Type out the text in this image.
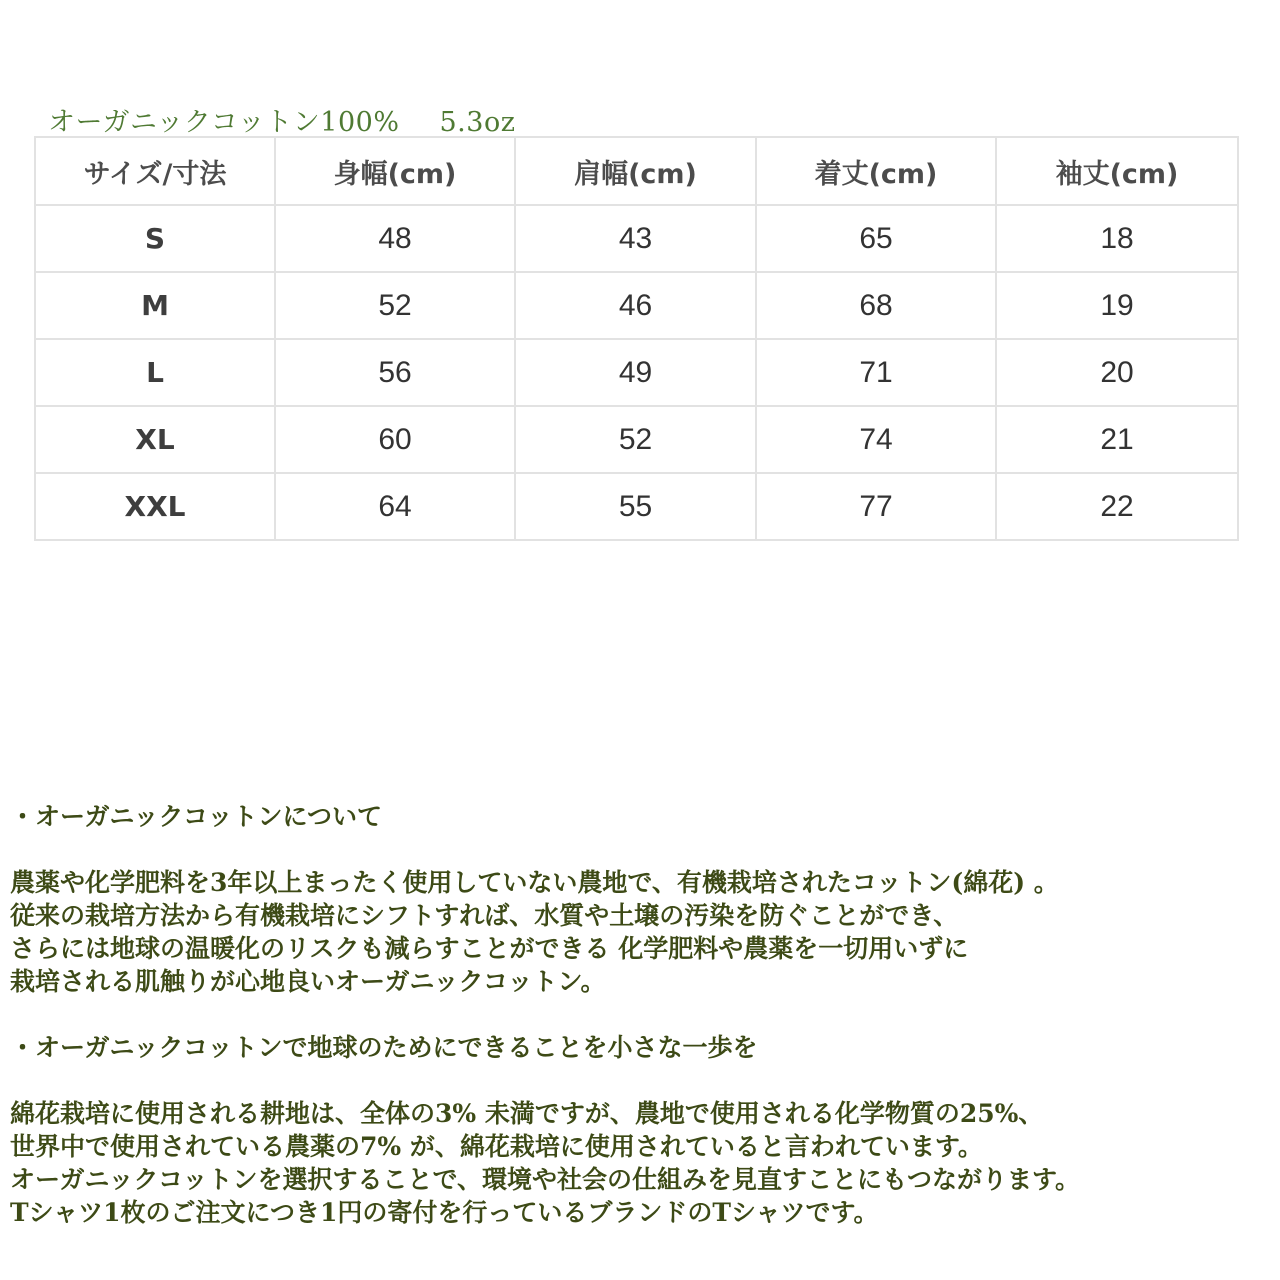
オーガニックコットン100% 5.3oz
サイズ/寸法	身幅(cm)	肩幅(cm)	着丈(cm)	袖丈(cm)
S	48	43	65	18
M	52	46	68	19
L	56	49	71	20
XL	60	52	74	21
XXL	64	55	77	22

・オーガニックコットンについて

農薬や化学肥料を3年以上まったく使用していない農地で、有機栽培されたコットン(綿花) 。

従来の栽培方法から有機栽培にシフトすれば、水質や土壌の汚染を防ぐことができ、

さらには地球の温暖化のリスクも減らすことができる 化学肥料や農薬を一切用いずに

栽培される肌触りが心地良いオーガニックコットン。

・オーガニックコットンで地球のためにできることを小さな一歩を

綿花栽培に使用される耕地は、全体の3% 未満ですが、農地で使用される化学物質の25%、

世界中で使用されている農薬の7% が、綿花栽培に使用されていると言われています。

オーガニックコットンを選択することで、環境や社会の仕組みを見直すことにもつながります。

Tシャツ1枚のご注文につき1円の寄付を行っているブランドのTシャツです。
